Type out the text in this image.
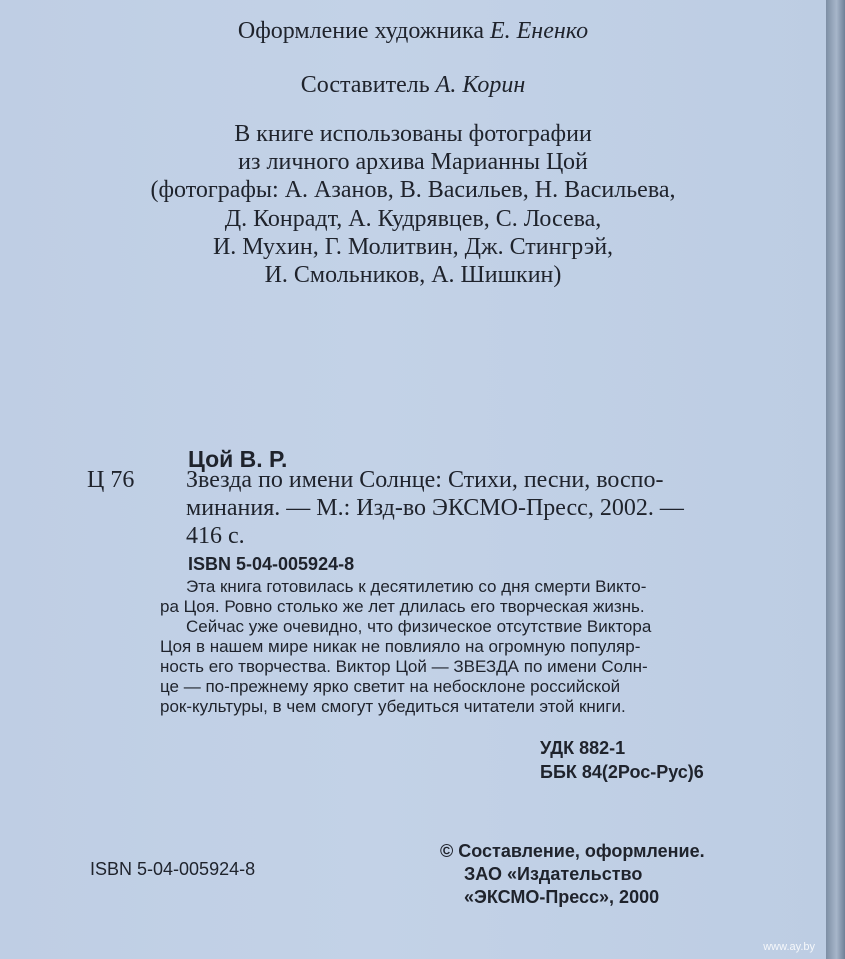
Оформление художника Е. Ененко
Составитель А. Корин
В книге использованы фотографии
из личного архива Марианны Цой
(фотографы: А. Азанов, В. Васильев, Н. Васильева,
Д. Конрадт, А. Кудрявцев, С. Лосева,
И. Мухин, Г. Молитвин, Дж. Стингрэй,
И. Смольников, А. Шишкин)
Цой В. Р.
Ц 76 Звезда по имени Солнце: Стихи, песни, воспо-
минания. — М.: Изд-во ЭКСМО-Пресс, 2002. —
416 с.
ISBN 5-04-005924-8
Эта книга готовилась к десятилетию со дня смерти Викто-
ра Цоя. Ровно столько же лет длилась его творческая жизнь.
Сейчас уже очевидно, что физическое отсутствие Виктора
Цоя в нашем мире никак не повлияло на огромную популяр-
ность его творчества. Виктор Цой — ЗВЕЗДА по имени Солн-
це — по-прежнему ярко светит на небосклоне российской
рок-культуры, в чем смогут убедиться читатели этой книги.
УДК 882-1
ББК 84(2Рос-Рус)6
ISBN 5-04-005924-8
© Составление, оформление.
ЗАО «Издательство
«ЭКСМО-Пресс», 2000
www.ay.by
